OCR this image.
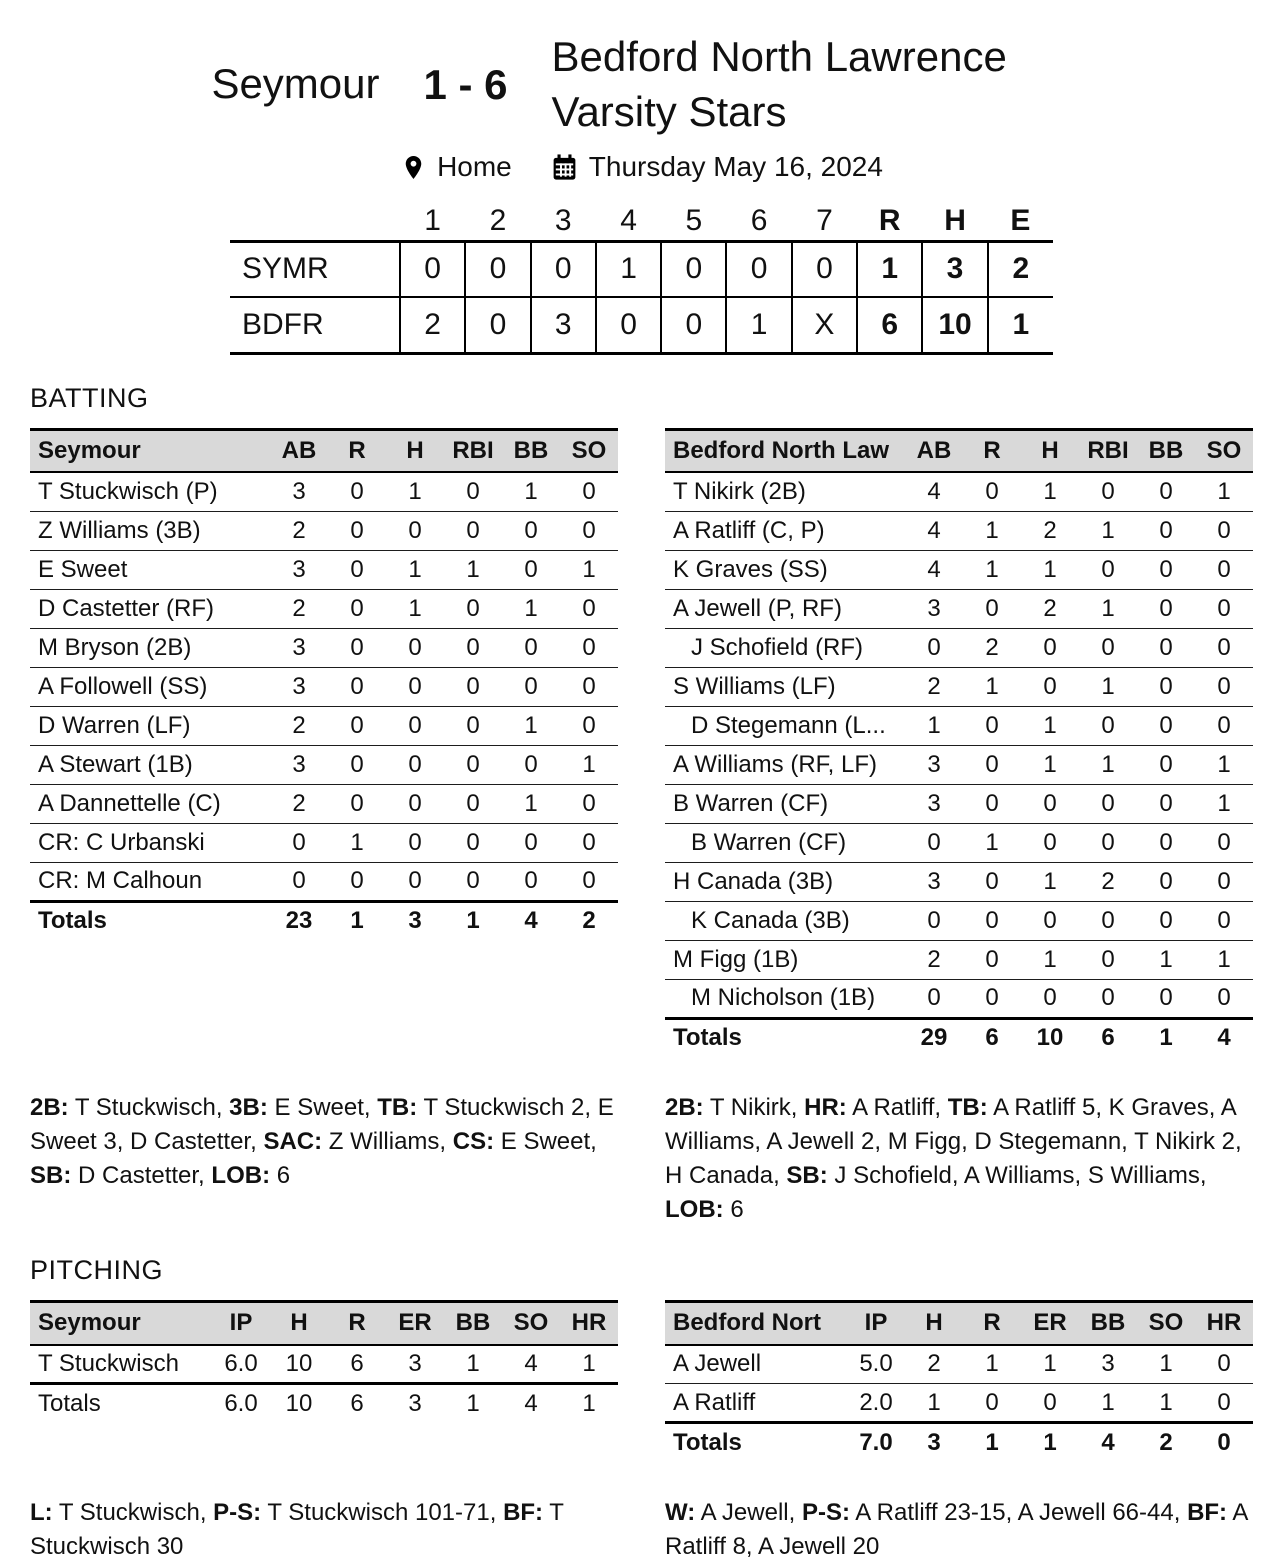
Seymour 1 - 6
Bedford North Lawrence Varsity Stars
Home	Thursday May 16, 2024
	1	2	3	4	5	6	7	R	H	E
SYMR	0	0	0	1	0	0	0	1	3	2
BDFR	2	0	3	0	0	1	X	6	10	1
BATTING
Seymour	AB	R	H	RBI	BB	SO
T Stuckwisch (P)	3	0	1	0	1	0
Z Williams (3B)	2	0	0	0	0	0
E Sweet	3	0	1	1	0	1
D Castetter (RF)	2	0	1	0	1	0
M Bryson (2B)	3	0	0	0	0	0
A Followell (SS)	3	0	0	0	0	0
D Warren (LF)	2	0	0	0	1	0
A Stewart (1B)	3	0	0	0	0	1
A Dannettelle (C)	2	0	0	0	1	0
CR: C Urbanski	0	1	0	0	0	0
CR: M Calhoun	0	0	0	0	0	0
Totals	23	1	3	1	4	2
Bedford North Law	AB	R	H	RBI	BB	SO
T Nikirk (2B)	4	0	1	0	0	1
A Ratliff (C, P)	4	1	2	1	0	0
K Graves (SS)	4	1	1	0	0	0
A Jewell (P, RF)	3	0	2	1	0	0
J Schofield (RF)	0	2	0	0	0	0
S Williams (LF)	2	1	0	1	0	0
D Stegemann (L...	1	0	1	0	0	0
A Williams (RF, LF)	3	0	1	1	0	1
B Warren (CF)	3	0	0	0	0	1
B Warren (CF)	0	1	0	0	0	0
H Canada (3B)	3	0	1	2	0	0
K Canada (3B)	0	0	0	0	0	0
M Figg (1B)	2	0	1	0	1	1
M Nicholson (1B)	0	0	0	0	0	0
Totals	29	6	10	6	1	4

2B: T Stuckwisch, 3B: E Sweet, TB: T Stuckwisch 2, E Sweet 3, D Castetter, SAC: Z Williams, CS: E Sweet, SB: D Castetter, LOB: 6

2B: T Nikirk, HR: A Ratliff, TB: A Ratliff 5, K Graves, A Williams, A Jewell 2, M Figg, D Stegemann, T Nikirk 2, H Canada, SB: J Schofield, A Williams, S Williams, LOB: 6

PITCHING
Seymour	IP	H	R	ER	BB	SO	HR
T Stuckwisch	6.0	10	6	3	1	4	1
Totals	6.0	10	6	3	1	4	1
Bedford Nort	IP	H	R	ER	BB	SO	HR
A Jewell	5.0	2	1	1	3	1	0
A Ratliff	2.0	1	0	0	1	1	0
Totals	7.0	3	1	1	4	2	0

L: T Stuckwisch, P-S: T Stuckwisch 101-71, BF: T Stuckwisch 30

W: A Jewell, P-S: A Ratliff 23-15, A Jewell 66-44, BF: A Ratliff 8, A Jewell 20
